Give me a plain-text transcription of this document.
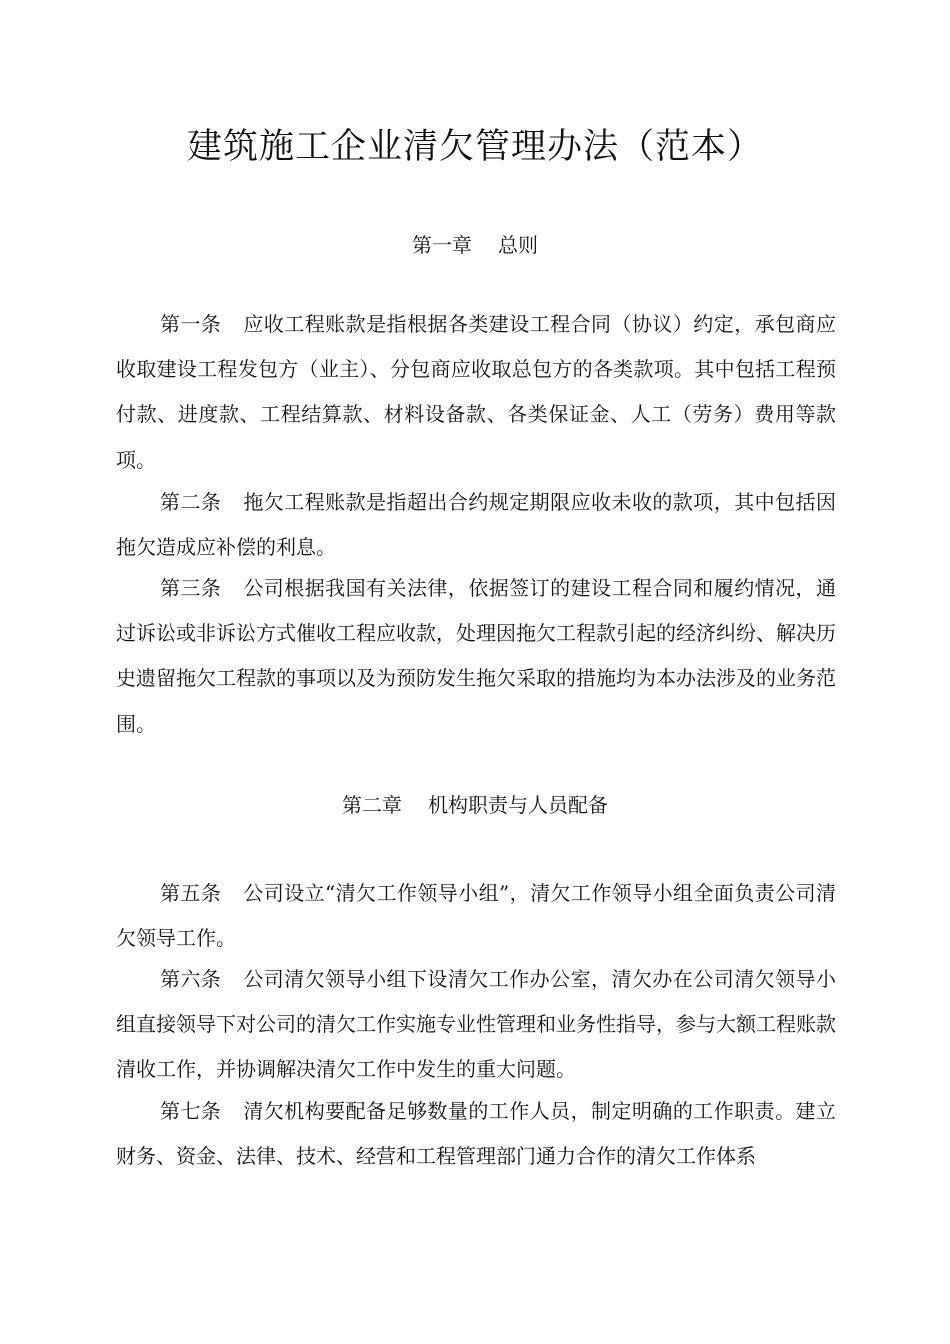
建筑施工企业清欠管理办法（范本）
第一章 总则

第一条 应收工程账款是指根据各类建设工程合同（协议）约定，承包商应收取建设工程发包方（业主）、分包商应收取总包方的各类款项。其中包括工程预付款、进度款、工程结算款、材料设备款、各类保证金、人工（劳务）费用等款项。

第二条 拖欠工程账款是指超出合约规定期限应收未收的款项，其中包括因拖欠造成应补偿的利息。

第三条 公司根据我国有关法律，依据签订的建设工程合同和履约情况，通过诉讼或非诉讼方式催收工程应收款，处理因拖欠工程款引起的经济纠纷、解决历史遗留拖欠工程款的事项以及为预防发生拖欠采取的措施均为本办法涉及的业务范围。

第二章 机构职责与人员配备

第五条 公司设立“清欠工作领导小组”，清欠工作领导小组全面负责公司清欠领导工作。

第六条 公司清欠领导小组下设清欠工作办公室，清欠办在公司清欠领导小组直接领导下对公司的清欠工作实施专业性管理和业务性指导，参与大额工程账款清收工作，并协调解决清欠工作中发生的重大问题。

第七条 清欠机构要配备足够数量的工作人员，制定明确的工作职责。建立财务、资金、法律、技术、经营和工程管理部门通力合作的清欠工作体系
